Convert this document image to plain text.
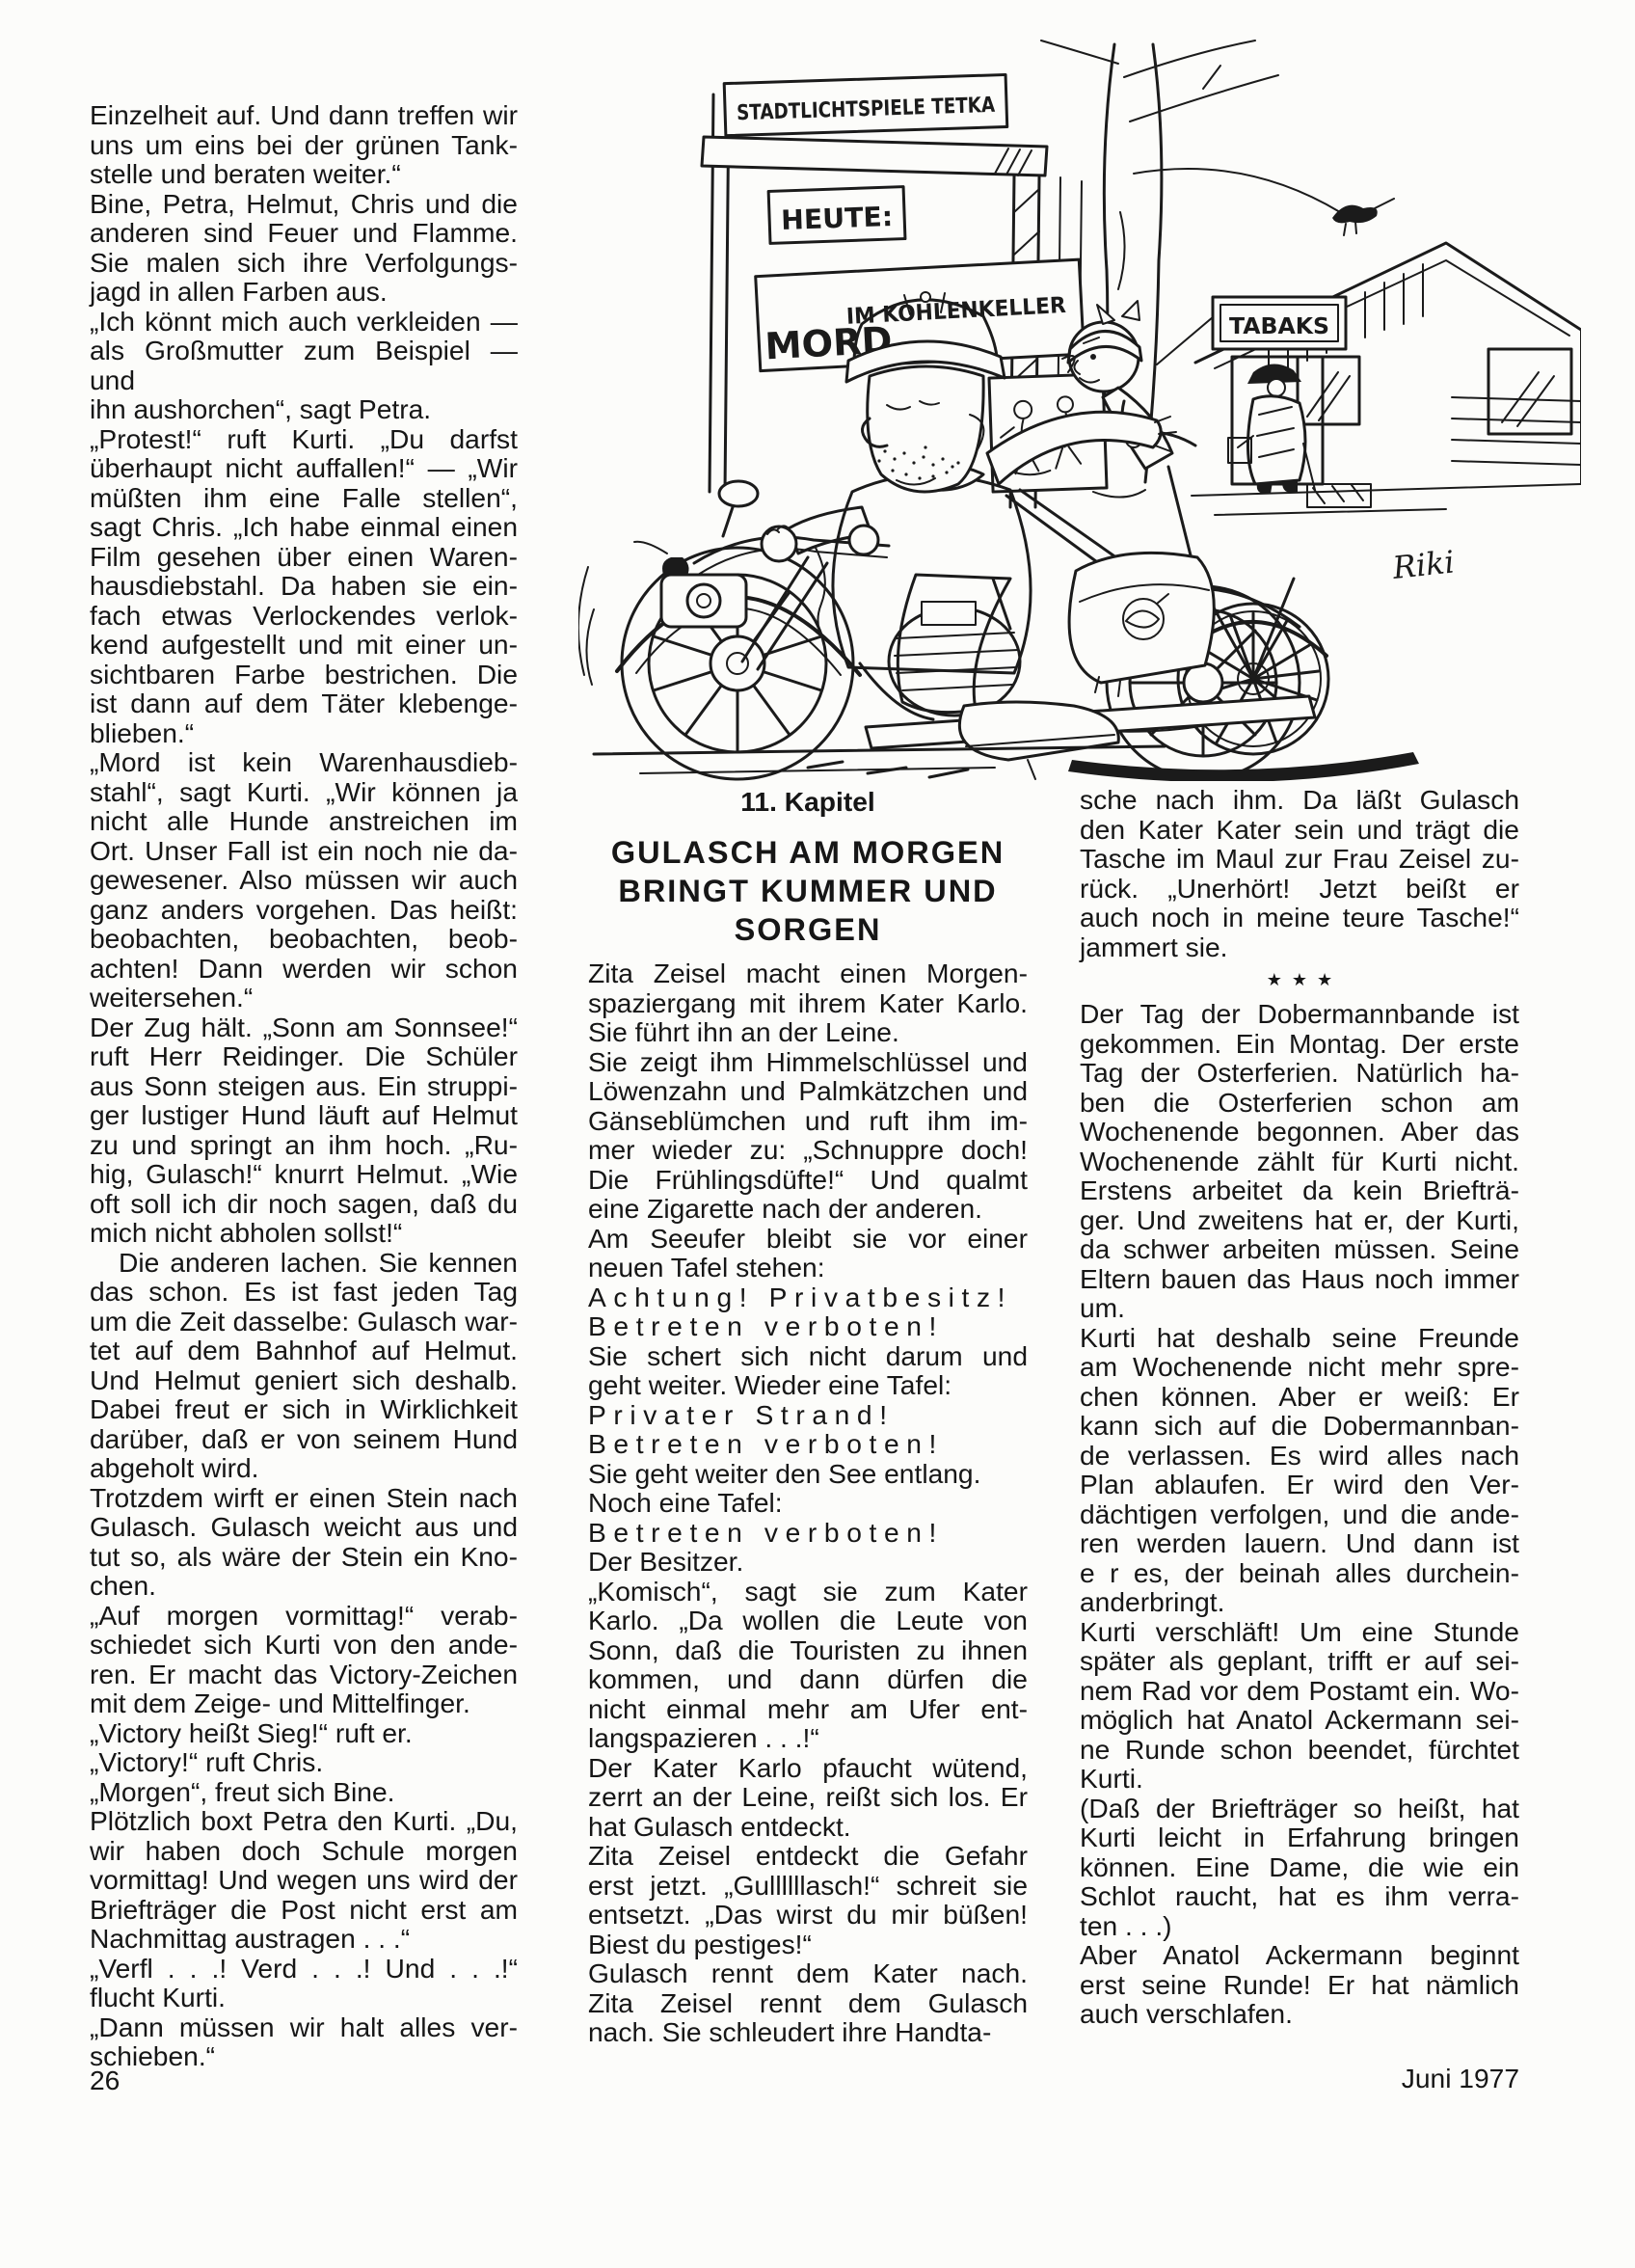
TABAKS
STADTLICHTSPIELE TETKA
HEUTE:
MORD
IM KOHLENKELLER
Riki
Einzelheit auf. Und dann treffen wir
uns um eins bei der grünen Tank-
stelle und beraten weiter.“
Bine, Petra, Helmut, Chris und die
anderen sind Feuer und Flamme.
Sie malen sich ihre Verfolgungs-
jagd in allen Farben aus.
„Ich könnt mich auch verkleiden —
als Großmutter zum Beispiel — und
ihn aushorchen“, sagt Petra.
„Protest!“ ruft Kurti. „Du darfst
überhaupt nicht auffallen!“ — „Wir
müßten ihm eine Falle stellen“,
sagt Chris. „Ich habe einmal einen
Film gesehen über einen Waren-
hausdiebstahl. Da haben sie ein-
fach etwas Verlockendes verlok-
kend aufgestellt und mit einer un-
sichtbaren Farbe bestrichen. Die
ist dann auf dem Täter klebenge-
blieben.“
„Mord ist kein Warenhausdieb-
stahl“, sagt Kurti. „Wir können ja
nicht alle Hunde anstreichen im
Ort. Unser Fall ist ein noch nie da-
gewesener. Also müssen wir auch
ganz anders vorgehen. Das heißt:
beobachten, beobachten, beob-
achten! Dann werden wir schon
weitersehen.“
Der Zug hält. „Sonn am Sonnsee!“
ruft Herr Reidinger. Die Schüler
aus Sonn steigen aus. Ein struppi-
ger lustiger Hund läuft auf Helmut
zu und springt an ihm hoch. „Ru-
hig, Gulasch!“ knurrt Helmut. „Wie
oft soll ich dir noch sagen, daß du
mich nicht abholen sollst!“
Die anderen lachen. Sie kennen
das schon. Es ist fast jeden Tag
um die Zeit dasselbe: Gulasch war-
tet auf dem Bahnhof auf Helmut.
Und Helmut geniert sich deshalb.
Dabei freut er sich in Wirklichkeit
darüber, daß er von seinem Hund
abgeholt wird.
Trotzdem wirft er einen Stein nach
Gulasch. Gulasch weicht aus und
tut so, als wäre der Stein ein Kno-
chen.
„Auf morgen vormittag!“ verab-
schiedet sich Kurti von den ande-
ren. Er macht das Victory-Zeichen
mit dem Zeige- und Mittelfinger.
„Victory heißt Sieg!“ ruft er.
„Victory!“ ruft Chris.
„Morgen“, freut sich Bine.
Plötzlich boxt Petra den Kurti. „Du,
wir haben doch Schule morgen
vormittag! Und wegen uns wird der
Briefträger die Post nicht erst am
Nachmittag austragen . . .“
„Verfl . . .! Verd . . .! Und . . .!“
flucht Kurti.
„Dann müssen wir halt alles ver-
schieben.“
11. Kapitel
GULASCH AM MORGEN
BRINGT KUMMER UND
SORGEN
Zita Zeisel macht einen Morgen-
spaziergang mit ihrem Kater Karlo.
Sie führt ihn an der Leine.
Sie zeigt ihm Himmelschlüssel und
Löwenzahn und Palmkätzchen und
Gänseblümchen und ruft ihm im-
mer wieder zu: „Schnuppre doch!
Die Frühlingsdüfte!“ Und qualmt
eine Zigarette nach der anderen.
Am Seeufer bleibt sie vor einer
neuen Tafel stehen:
Achtung! Privatbesitz!
Betreten verboten!
Sie schert sich nicht darum und
geht weiter. Wieder eine Tafel:
Privater Strand!
Betreten verboten!
Sie geht weiter den See entlang.
Noch eine Tafel:
Betreten verboten!
Der Besitzer.
„Komisch“, sagt sie zum Kater
Karlo. „Da wollen die Leute von
Sonn, daß die Touristen zu ihnen
kommen, und dann dürfen die
nicht einmal mehr am Ufer ent-
langspazieren . . .!“
Der Kater Karlo pfaucht wütend,
zerrt an der Leine, reißt sich los. Er
hat Gulasch entdeckt.
Zita Zeisel entdeckt die Gefahr
erst jetzt. „Gullllllasch!“ schreit sie
entsetzt. „Das wirst du mir büßen!
Biest du pestiges!“
Gulasch rennt dem Kater nach.
Zita Zeisel rennt dem Gulasch
nach. Sie schleudert ihre Handta-
sche nach ihm. Da läßt Gulasch
den Kater Kater sein und trägt die
Tasche im Maul zur Frau Zeisel zu-
rück. „Unerhört! Jetzt beißt er
auch noch in meine teure Tasche!“
jammert sie.
★★★
Der Tag der Dobermannbande ist
gekommen. Ein Montag. Der erste
Tag der Osterferien. Natürlich ha-
ben die Osterferien schon am
Wochenende begonnen. Aber das
Wochenende zählt für Kurti nicht.
Erstens arbeitet da kein Briefträ-
ger. Und zweitens hat er, der Kurti,
da schwer arbeiten müssen. Seine
Eltern bauen das Haus noch immer
um.
Kurti hat deshalb seine Freunde
am Wochenende nicht mehr spre-
chen können. Aber er weiß: Er
kann sich auf die Dobermannban-
de verlassen. Es wird alles nach
Plan ablaufen. Er wird den Ver-
dächtigen verfolgen, und die ande-
ren werden lauern. Und dann ist
e r es, der beinah alles durchein-
anderbringt.
Kurti verschläft! Um eine Stunde
später als geplant, trifft er auf sei-
nem Rad vor dem Postamt ein. Wo-
möglich hat Anatol Ackermann sei-
ne Runde schon beendet, fürchtet
Kurti.
(Daß der Briefträger so heißt, hat
Kurti leicht in Erfahrung bringen
können. Eine Dame, die wie ein
Schlot raucht, hat es ihm verra-
ten . . .)
Aber Anatol Ackermann beginnt
erst seine Runde! Er hat nämlich
auch verschlafen.
26	Juni 1977
